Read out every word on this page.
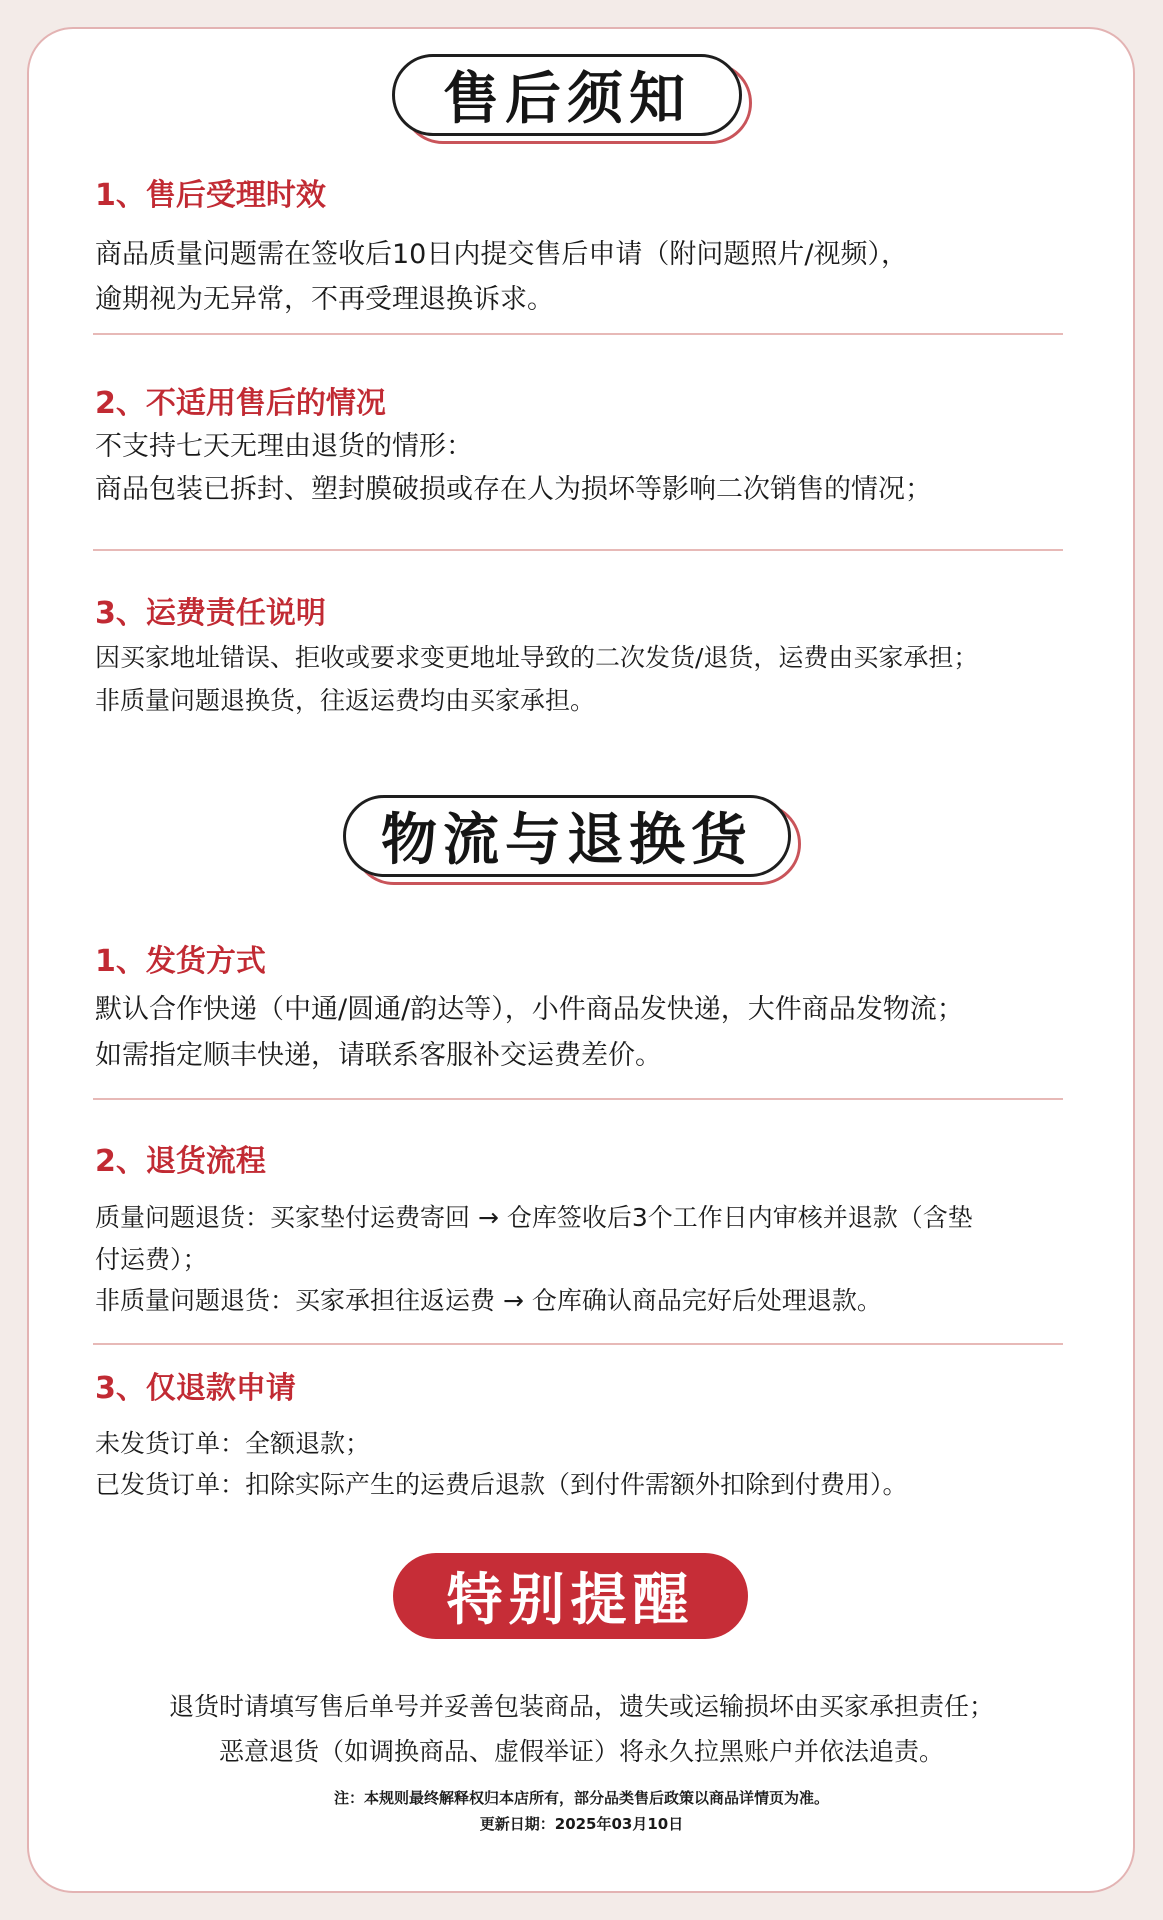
售后须知
1、售后受理时效
商品质量问题需在签收后10日内提交售后申请（附问题照片/视频），
逾期视为无异常，不再受理退换诉求。
2、不适用售后的情况
不支持七天无理由退货的情形：
商品包装已拆封、塑封膜破损或存在人为损坏等影响二次销售的情况；
3、运费责任说明
因买家地址错误、拒收或要求变更地址导致的二次发货/退货，运费由买家承担；
非质量问题退换货，往返运费均由买家承担。
物流与退换货
1、发货方式
默认合作快递（中通/圆通/韵达等），小件商品发快递，大件商品发物流；
如需指定顺丰快递，请联系客服补交运费差价。
2、退货流程
质量问题退货：买家垫付运费寄回 → 仓库签收后3个工作日内审核并退款（含垫
付运费）；
非质量问题退货：买家承担往返运费 → 仓库确认商品完好后处理退款。
3、仅退款申请
未发货订单：全额退款；
已发货订单：扣除实际产生的运费后退款（到付件需额外扣除到付费用）。
特别提醒
退货时请填写售后单号并妥善包装商品，遗失或运输损坏由买家承担责任；
恶意退货（如调换商品、虚假举证）将永久拉黑账户并依法追责。
注：本规则最终解释权归本店所有，部分品类售后政策以商品详情页为准。
更新日期：2025年03月10日
